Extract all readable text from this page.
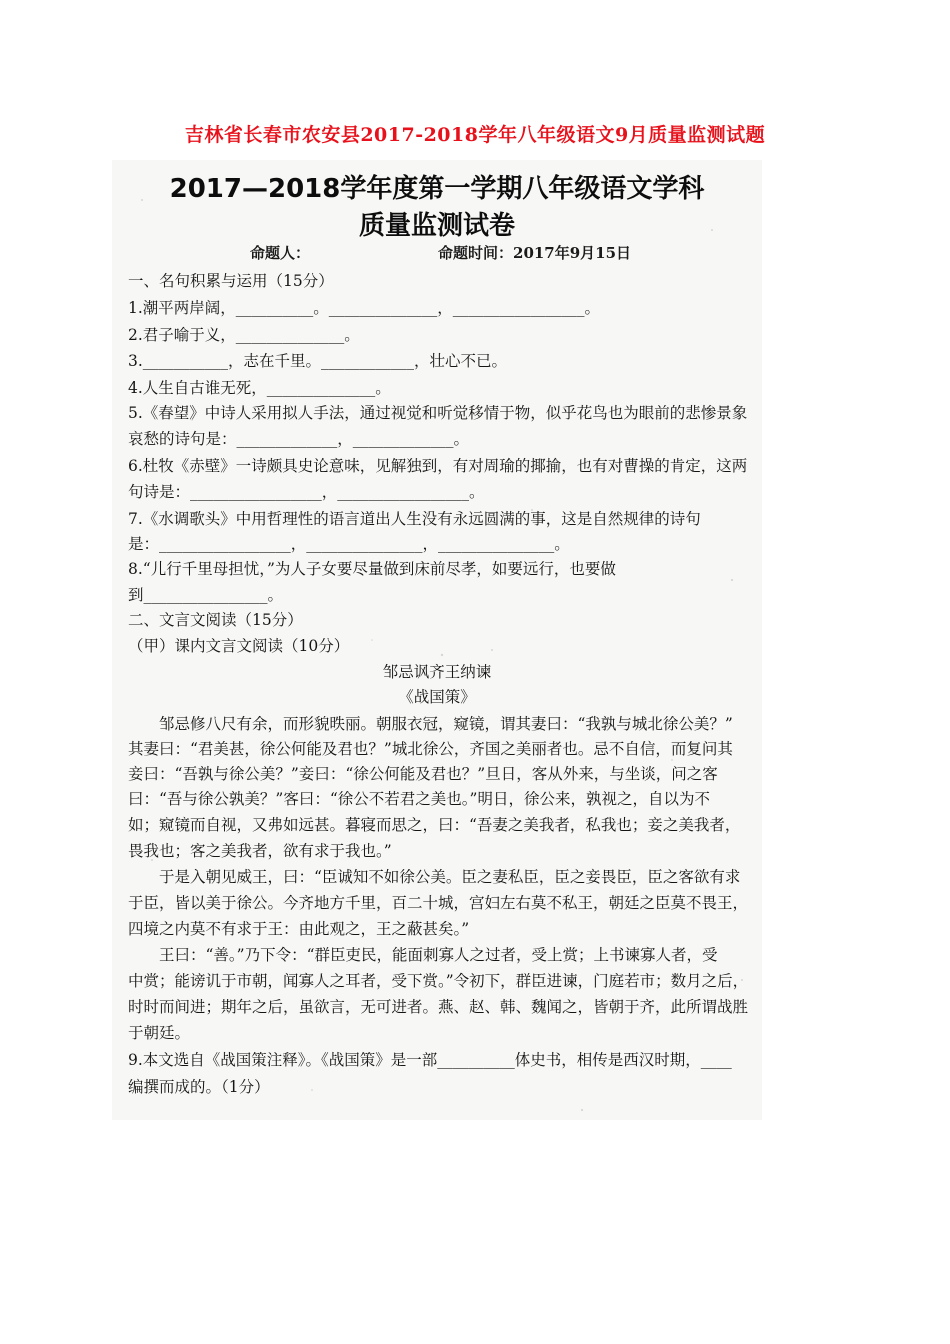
吉林省长春市农安县2017-2018学年八年级语文9月质量监测试题
2017—2018学年度第一学期八年级语文学科
质量监测试卷
命题人：	命题时间：2017年9月15日
一、名句积累与运用（15分）
1.潮平两岸阔，__________。______________，_________________。
2.君子喻于义，______________。
3.___________，志在千里。____________，壮心不已。
4.人生自古谁无死，______________。
5.《春望》中诗人采用拟人手法，通过视觉和听觉移情于物，似乎花鸟也为眼前的悲惨景象
哀愁的诗句是：_____________，_____________。
6.杜牧《赤壁》一诗颇具史论意味，见解独到，有对周瑜的揶揄，也有对曹操的肯定，这两
句诗是：_________________，_________________。
7.《水调歌头》中用哲理性的语言道出人生没有永远圆满的事，这是自然规律的诗句
是：_________________，_______________，_______________。
8.“儿行千里母担忧，”为人子女要尽量做到床前尽孝，如要远行，也要做
到________________。
二、文言文阅读（15分）
（甲）课内文言文阅读（10分）
邹忌讽齐王纳谏
《战国策》
　　邹忌修八尺有余，而形貌昳丽。朝服衣冠，窥镜，谓其妻曰：“我孰与城北徐公美？”
其妻曰：“君美甚，徐公何能及君也？”城北徐公，齐国之美丽者也。忌不自信，而复问其
妾曰：“吾孰与徐公美？”妾曰：“徐公何能及君也？”旦日，客从外来，与坐谈，问之客
曰：“吾与徐公孰美？”客曰：“徐公不若君之美也。”明日，徐公来，孰视之，自以为不
如；窥镜而自视，又弗如远甚。暮寝而思之，曰：“吾妻之美我者，私我也；妾之美我者，
畏我也；客之美我者，欲有求于我也。”
　　于是入朝见威王，曰：“臣诚知不如徐公美。臣之妻私臣，臣之妾畏臣，臣之客欲有求
于臣，皆以美于徐公。今齐地方千里，百二十城，宫妇左右莫不私王，朝廷之臣莫不畏王，
四境之内莫不有求于王：由此观之，王之蔽甚矣。”
　　王曰：“善。”乃下令：“群臣吏民，能面刺寡人之过者，受上赏；上书谏寡人者，受
中赏；能谤讥于市朝，闻寡人之耳者，受下赏。”令初下，群臣进谏，门庭若市；数月之后，
时时而间进；期年之后，虽欲言，无可进者。燕、赵、韩、魏闻之，皆朝于齐，此所谓战胜
于朝廷。
9.本文选自《战国策注释》。《战国策》是一部__________体史书，相传是西汉时期，____
编撰而成的。（1分）
